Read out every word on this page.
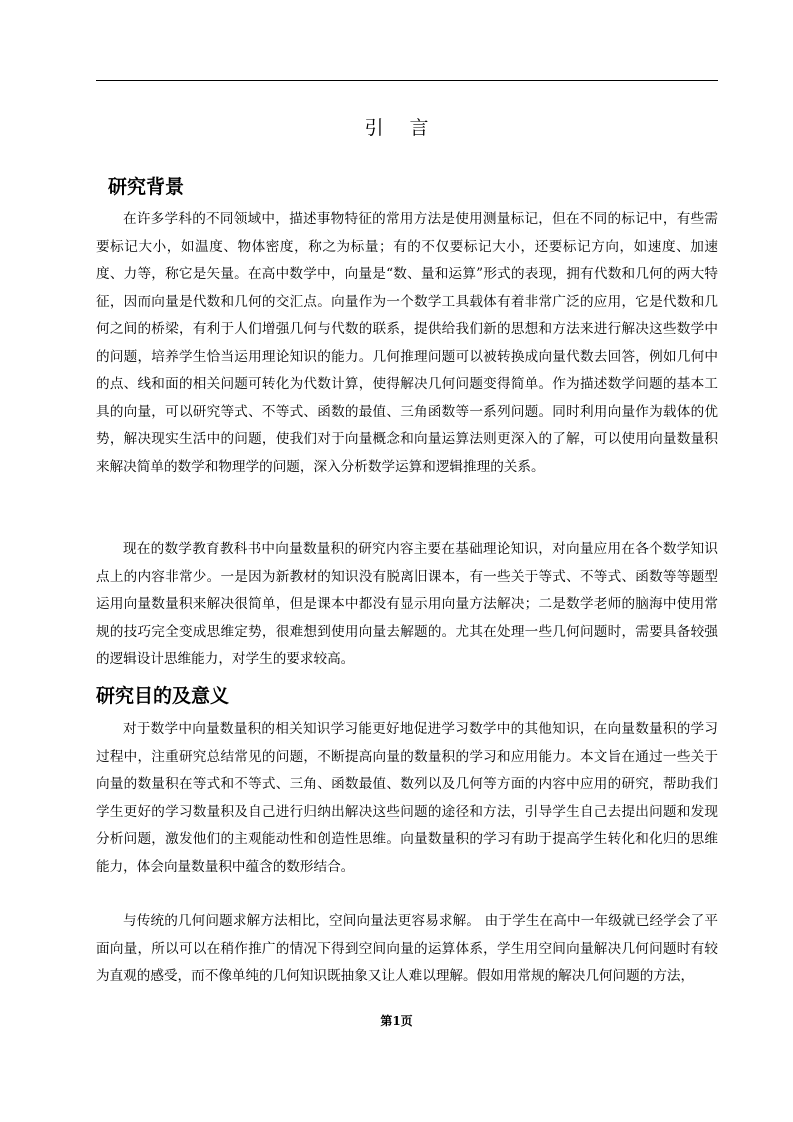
引言
研究背景
在许多学科的不同领域中，描述事物特征的常用方法是使用测量标记，但在不同的标记中，有些需要标记大小，如温度、物体密度，称之为标量；有的不仅要标记大小，还要标记方向，如速度、加速度、力等，称它是矢量。在高中数学中，向量是“数、量和运算”形式的表现，拥有代数和几何的两大特征，因而向量是代数和几何的交汇点。向量作为一个数学工具载体有着非常广泛的应用，它是代数和几何之间的桥梁，有利于人们增强几何与代数的联系，提供给我们新的思想和方法来进行解决这些数学中的问题，培养学生恰当运用理论知识的能力。几何推理问题可以被转换成向量代数去回答，例如几何中的点、线和面的相关问题可转化为代数计算，使得解决几何问题变得简单。作为描述数学问题的基本工具的向量，可以研究等式、不等式、函数的最值、三角函数等一系列问题。同时利用向量作为载体的优势，解决现实生活中的问题，使我们对于向量概念和向量运算法则更深入的了解，可以使用向量数量积来解决简单的数学和物理学的问题，深入分析数学运算和逻辑推理的关系。
现在的数学教育教科书中向量数量积的研究内容主要在基础理论知识，对向量应用在各个数学知识点上的内容非常少。一是因为新教材的知识没有脱离旧课本，有一些关于等式、不等式、函数等等题型运用向量数量积来解决很简单，但是课本中都没有显示用向量方法解决；二是数学老师的脑海中使用常规的技巧完全变成思维定势，很难想到使用向量去解题的。尤其在处理一些几何问题时，需要具备较强的逻辑设计思维能力，对学生的要求较高。
研究目的及意义
对于数学中向量数量积的相关知识学习能更好地促进学习数学中的其他知识，在向量数量积的学习过程中，注重研究总结常见的问题，不断提高向量的数量积的学习和应用能力。本文旨在通过一些关于向量的数量积在等式和不等式、三角、函数最值、数列以及几何等方面的内容中应用的研究，帮助我们学生更好的学习数量积及自己进行归纳出解决这些问题的途径和方法，引导学生自己去提出问题和发现分析问题，激发他们的主观能动性和创造性思维。向量数量积的学习有助于提高学生转化和化归的思维能力，体会向量数量积中蕴含的数形结合。
与传统的几何问题求解方法相比，空间向量法更容易求解。 由于学生在高中一年级就已经学会了平面向量，所以可以在稍作推广的情况下得到空间向量的运算体系，学生用空间向量解决几何问题时有较为直观的感受，而不像单纯的几何知识既抽象又让人难以理解。假如用常规的解决几何问题的方法，
第1页
